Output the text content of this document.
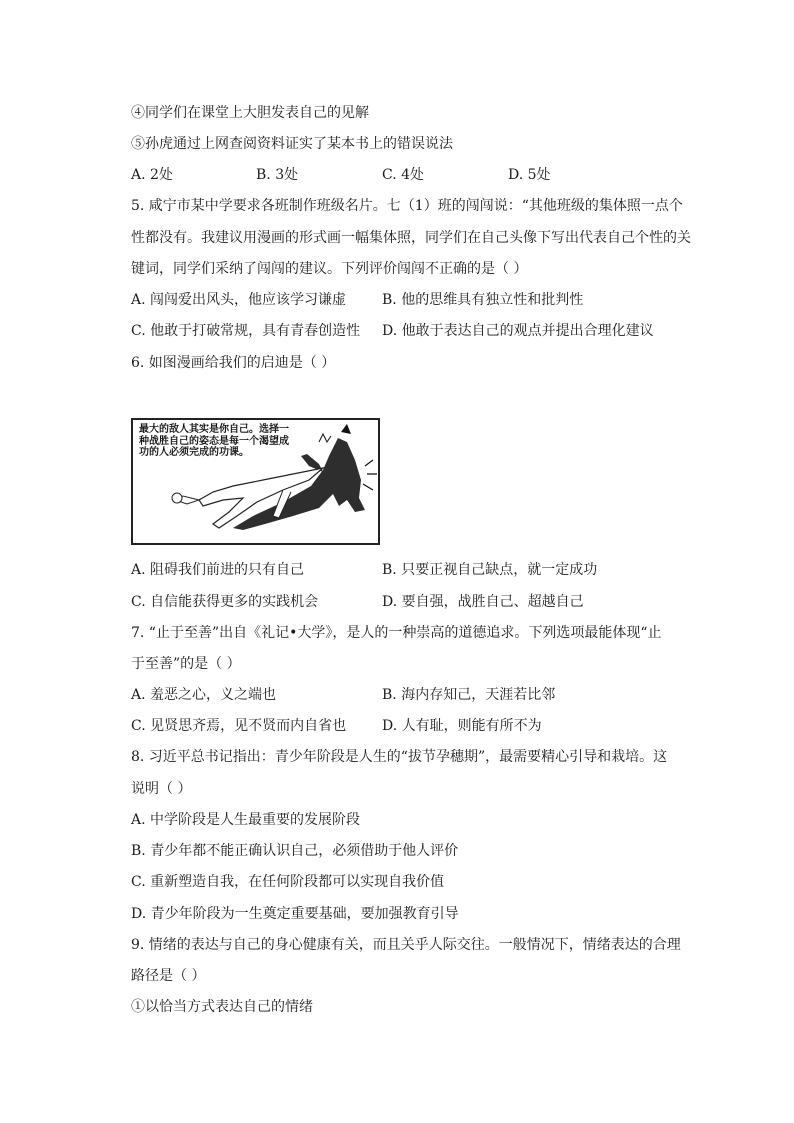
④同学们在课堂上大胆发表自己的见解
⑤孙虎通过上网查阅资料证实了某本书上的错误说法
A. 2处	B. 3处	C. 4处	D. 5处
5. 咸宁市某中学要求各班制作班级名片。七（1）班的闯闯说：“其他班级的集体照一点个
性都没有。我建议用漫画的形式画一幅集体照，同学们在自己头像下写出代表自己个性的关
键词，同学们采纳了闯闯的建议。下列评价闯闯不正确的是（ ）
A. 闯闯爱出风头，他应该学习谦虚	B. 他的思维具有独立性和批判性
C. 他敢于打破常规，具有青春创造性 D. 他敢于表达自己的观点并提出合理化建议
6. 如图漫画给我们的启迪是（ ）
最大的敌人其实是你自己。选择一种战胜自己的姿态是每一个渴望成功的人必须完成的功课。
A. 阻碍我们前进的只有自己	B. 只要正视自己缺点，就一定成功
C. 自信能获得更多的实践机会	D. 要自强，战胜自己、超越自己
7. “止于至善”出自《礼记•大学》，是人的一种崇高的道德追求。下列选项最能体现“止
于至善”的是（ ）
A. 羞恶之心，义之端也	B. 海内存知己，天涯若比邻
C. 见贤思齐焉，见不贤而内自省也	D. 人有耻，则能有所不为
8. 习近平总书记指出：青少年阶段是人生的“拔节孕穗期”，最需要精心引导和栽培。这
说明（ ）
A. 中学阶段是人生最重要的发展阶段
B. 青少年都不能正确认识自己，必须借助于他人评价
C. 重新塑造自我，在任何阶段都可以实现自我价值
D. 青少年阶段为一生奠定重要基础，要加强教育引导
9. 情绪的表达与自己的身心健康有关，而且关乎人际交往。一般情况下，情绪表达的合理
路径是（ ）
①以恰当方式表达自己的情绪
